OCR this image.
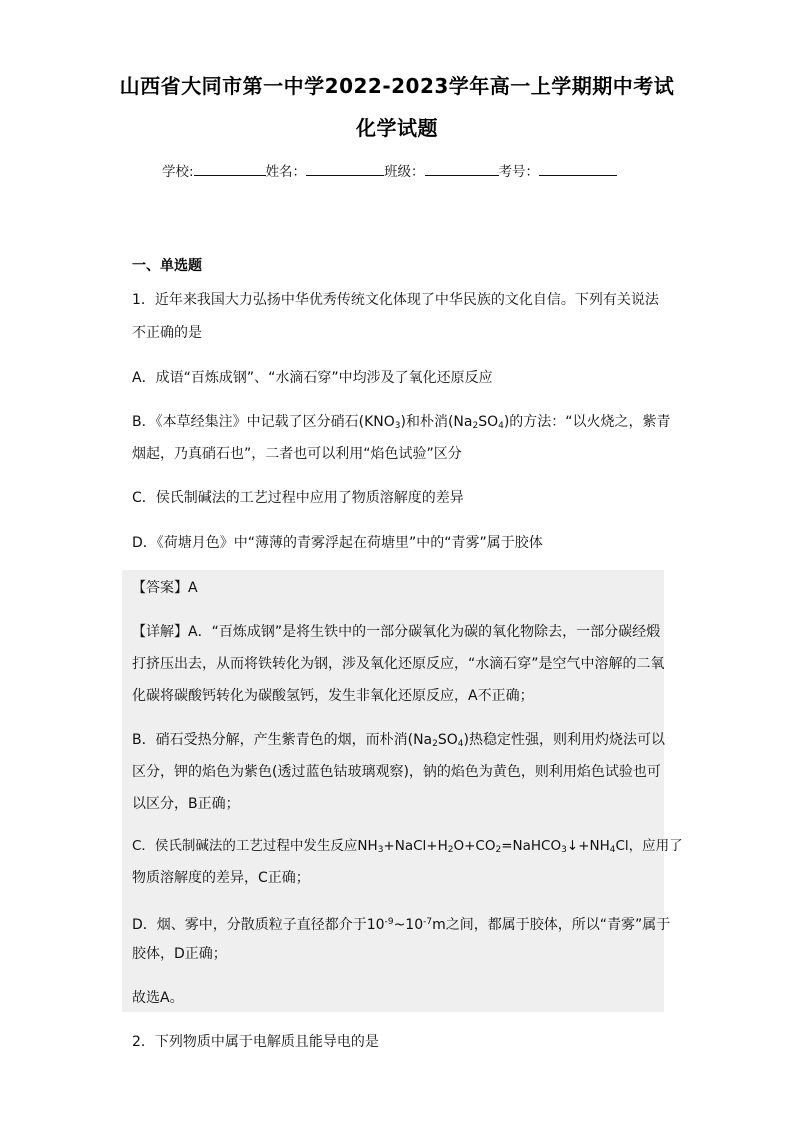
山西省大同市第一中学2022-2023学年高一上学期期中考试
化学试题
学校:	姓名：	班级：	考号：
一、单选题
1．近年来我国大力弘扬中华优秀传统文化体现了中华民族的文化自信。下列有关说法
不正确的是
A．成语“百炼成钢”、“水滴石穿”中均涉及了氧化还原反应
B．《本草经集注》中记载了区分硝石$(KNO_3)$和朴消$(Na_2SO_4)$的方法：“以火烧之，紫青
烟起，乃真硝石也”，二者也可以利用“焰色试验”区分
C．侯氏制碱法的工艺过程中应用了物质溶解度的差异
D．《荷塘月色》中“薄薄的青雾浮起在荷塘里”中的“青雾”属于胶体
【答案】A
【详解】A．“百炼成钢”是将生铁中的一部分碳氧化为碳的氧化物除去，一部分碳经煅
打挤压出去，从而将铁转化为钢，涉及氧化还原反应，“水滴石穿”是空气中溶解的二氧
化碳将碳酸钙转化为碳酸氢钙，发生非氧化还原反应，A不正确；
B．硝石受热分解，产生紫青色的烟，而朴消$(Na_2SO_4)$热稳定性强，则利用灼烧法可以
区分，钾的焰色为紫色(透过蓝色钴玻璃观察)，钠的焰色为黄色，则利用焰色试验也可
以区分，B正确；
C．侯氏制碱法的工艺过程中发生反应$NH_3+NaCl+H_2O+CO_2=NaHCO_3↓+NH_4Cl$，应用了
物质溶解度的差异，C正确；
D．烟、雾中，分散质粒子直径都介于$10^{-9}\sim 10^{-7}m$之间，都属于胶体，所以“青雾”属于
胶体，D正确；
故选A。
2．下列物质中属于电解质且能导电的是
